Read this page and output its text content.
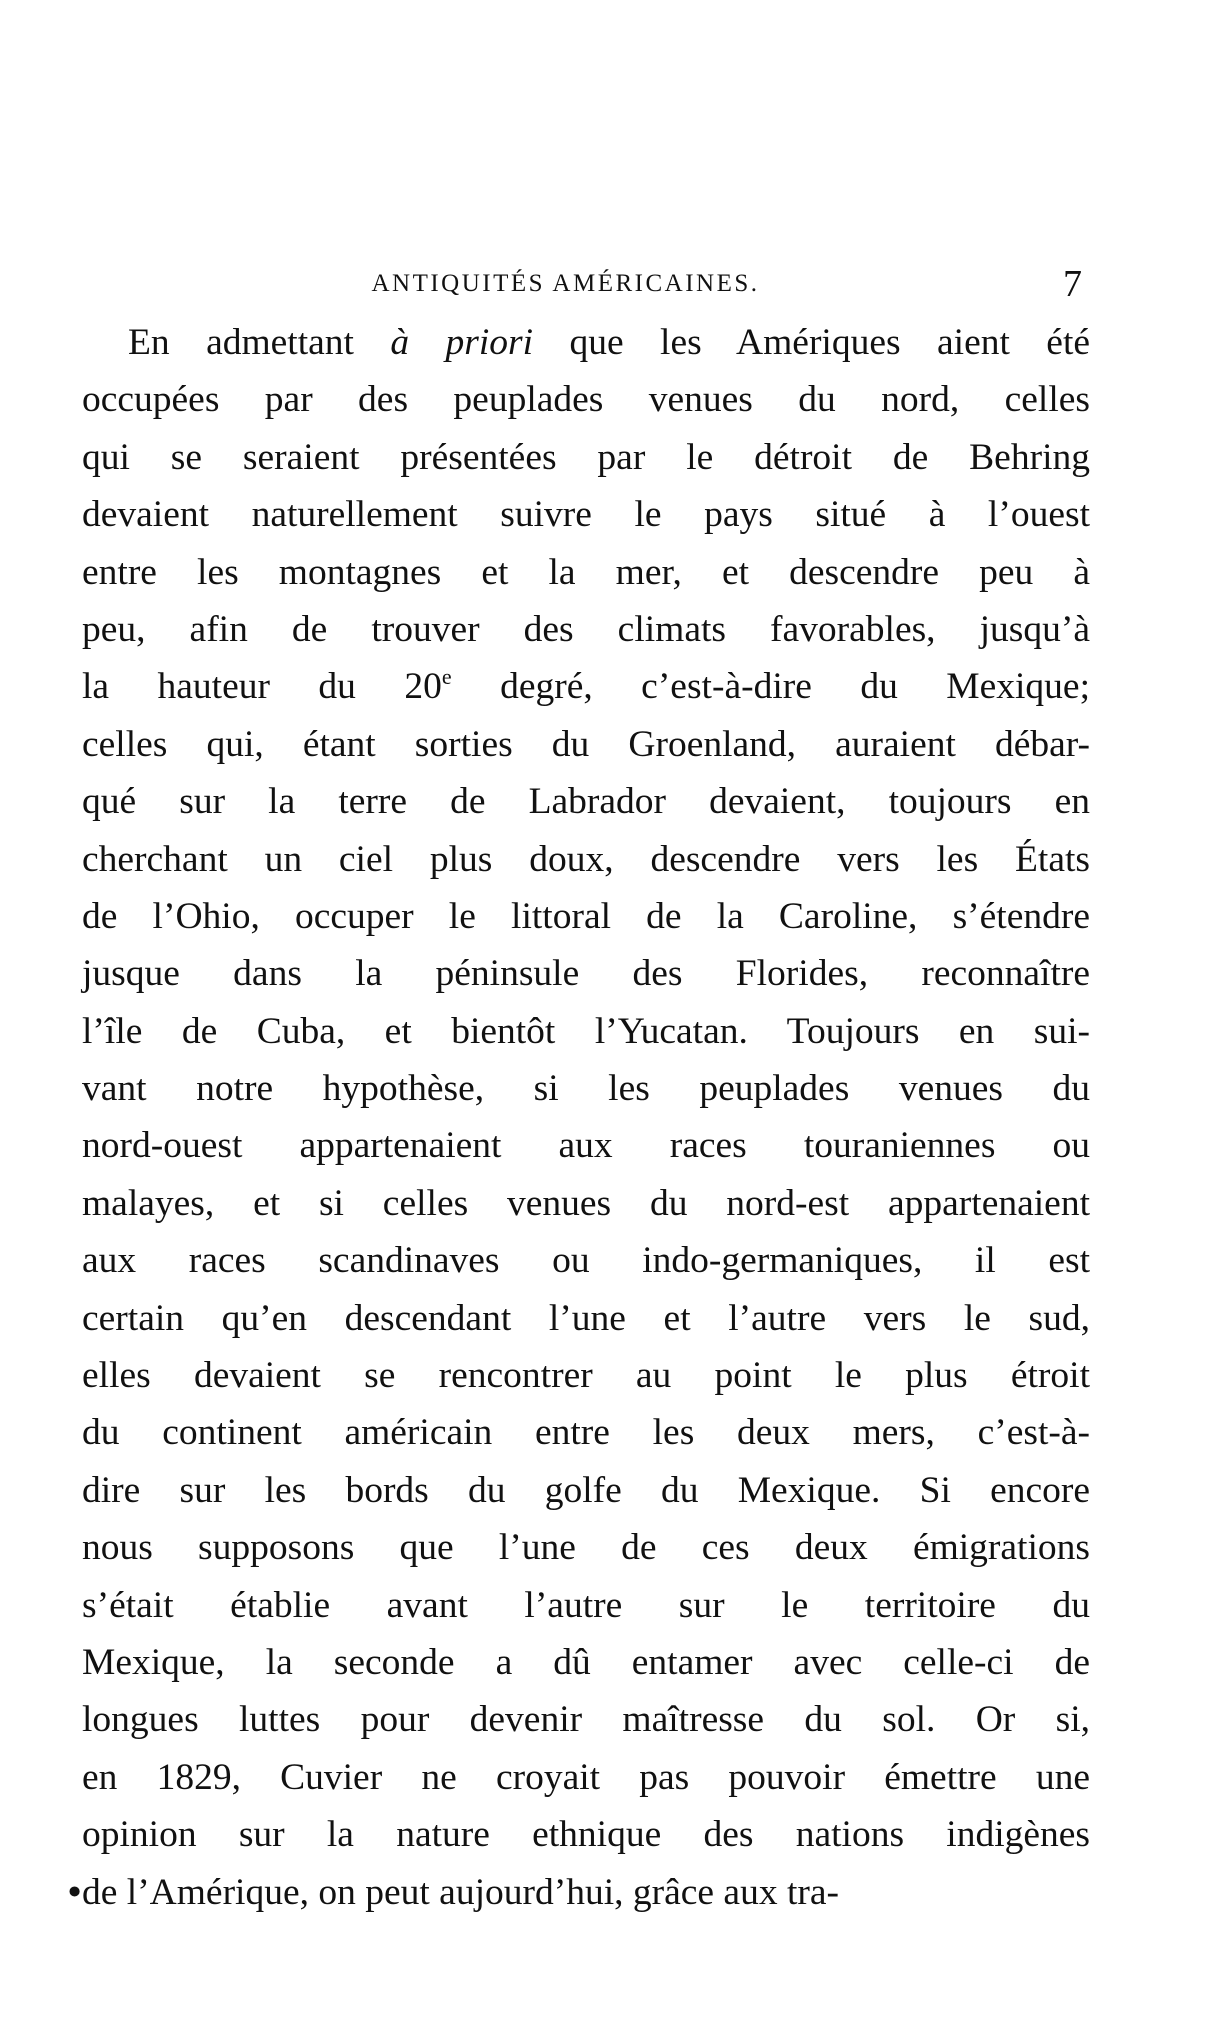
ANTIQUITÉS AMÉRICAINES.	7
En admettant à priori que les Amériques aient été
occupées par des peuplades venues du nord, celles
qui se seraient présentées par le détroit de Behring
devaient naturellement suivre le pays situé à l’ouest
entre les montagnes et la mer, et descendre peu à
peu, afin de trouver des climats favorables, jusqu’à
la hauteur du 20e degré, c’est-à-dire du Mexique;
celles qui, étant sorties du Groenland, auraient débar-
qué sur la terre de Labrador devaient, toujours en
cherchant un ciel plus doux, descendre vers les États
de l’Ohio, occuper le littoral de la Caroline, s’étendre
jusque dans la péninsule des Florides, reconnaître
l’île de Cuba, et bientôt l’Yucatan. Toujours en sui-
vant notre hypothèse, si les peuplades venues du
nord-ouest appartenaient aux races touraniennes ou
malayes, et si celles venues du nord-est appartenaient
aux races scandinaves ou indo-germaniques, il est
certain qu’en descendant l’une et l’autre vers le sud,
elles devaient se rencontrer au point le plus étroit
du continent américain entre les deux mers, c’est-à-
dire sur les bords du golfe du Mexique. Si encore
nous supposons que l’une de ces deux émigrations
s’était établie avant l’autre sur le territoire du
Mexique, la seconde a dû entamer avec celle-ci de
longues luttes pour devenir maîtresse du sol. Or si,
en 1829, Cuvier ne croyait pas pouvoir émettre une
opinion sur la nature ethnique des nations indigènes
• de l’Amérique, on peut aujourd’hui, grâce aux tra-
